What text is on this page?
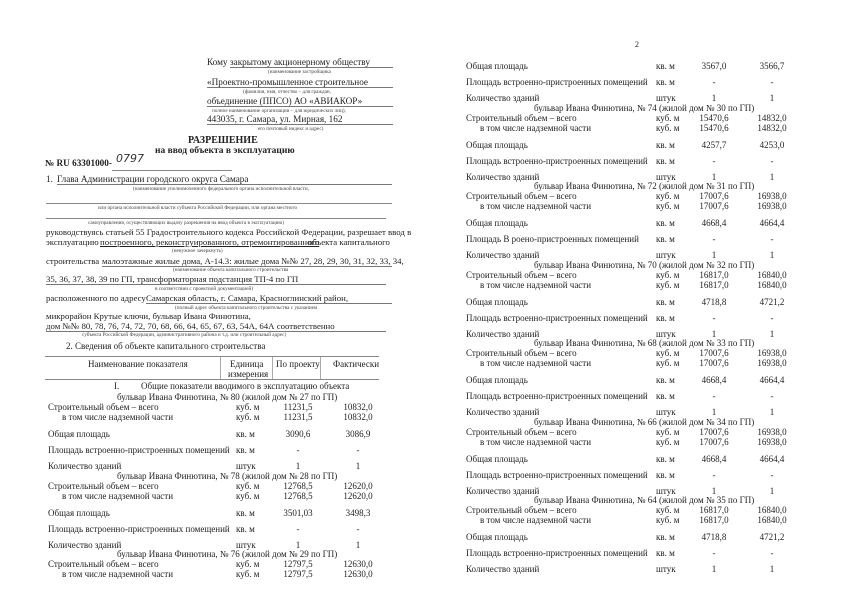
Кому закрытому акционерному обществу
(наименование застройщика
«Проектно-промышленное строительное
(фамилия, имя, отчество – для граждан,
объединение (ППСО) АО «АВИАКОР»
полное наименование организации – для юридических лиц),
443035, г. Самара, ул. Мирная, 162
его почтовый индекс и адрес)
РАЗРЕШЕНИЕ
на ввод объекта в эксплуатацию
№ RU 63301000- 0797
1. Глава Администрации городского округа Самара
(наименование уполномоченного федерального органа исполнительной власти,
или органа исполнительной власти субъекта Российской Федерации, или органа местного
самоуправления, осуществляющих выдачу разрешения на ввод объекта в эксплуатацию)
руководствуясь статьей 55 Градостроительного кодекса Российской Федерации, разрешает ввод в
эксплуатацию построенного, реконструированного, отремонтированного
объекта капитального
(ненужное зачеркнуть)
строительства малоэтажные жилые дома, А-14.3: жилые дома №№ 27, 28, 29, 30, 31, 32, 33, 34,
(наименование объекта капитального строительства
35, 36, 37, 38, 39 по ГП, трансформаторная подстанция ТП-4 по ГП
в соответствии с проектной документацией)
расположенного по адресу Самарская область, г. Самара, Красноглинский район,
(полный адрес объекта капитального строительства с указанием
микрорайон Крутые ключи, бульвар Ивана Финютина,
дом №№ 80, 78, 76, 74, 72, 70, 68, 66, 64, 65, 67, 63, 54А, 64А соответственно
субъекта Российской Федерации, административного района и т.д. или строительный адрес)
2. Сведения об объекте капитального строительства
Наименование показателя	Единица
измерения
По проекту Фактически
I. Общие показатели вводимого в эксплуатацию объекта
бульвар Ивана Финютина, № 80 (жилой дом № 27 по ГП)
Строительный объем – всего	куб. м	11231,5	10832,0
в том числе надземной части	куб. м	11231,5	10832,0
Общая площадь	кв. м	3090,6	3086,9
Площадь встроенно-пристроенных помещений кв. м	-	-
Количество зданий	штук	1	1
бульвар Ивана Финютина, № 78 (жилой дом № 28 по ГП)
Строительный объем – всего	куб. м	12768,5	12620,0
в том числе надземной части	куб. м	12768,5	12620,0
Общая площадь	кв. м	3501,03	3498,3
Площадь встроенно-пристроенных помещений кв. м	-	-
Количество зданий	штук	1	1
бульвар Ивана Финютина, № 76 (жилой дом № 29 по ГП)
Строительный объем – всего	куб. м	12797,5	12630,0
в том числе надземной части	куб. м	12797,5	12630,0
2
Общая площадь	кв. м	3567,0	3566,7
Площадь встроенно-пристроенных помещений кв. м	-	-
Количество зданий	штук	1	1
бульвар Ивана Финютина, № 74 (жилой дом № 30 по ГП)
Строительный объем – всего	куб. м	15470,6	14832,0
в том числе надземной части	куб. м	15470,6	14832,0
Общая площадь	кв. м	4257,7	4253,0
Площадь встроенно-пристроенных помещений кв. м	-	-
Количество зданий	штук	1	1
бульвар Ивана Финютина, № 72 (жилой дом № 31 по ГП)
Строительный объем – всего	куб. м	17007,6	16938,0
в том числе надземной части	куб. м	17007,6	16938,0
Общая площадь	кв. м	4668,4	4664,4
Площадь В роено-пристроенных помещений кв. м	-	-
Количество зданий	штук	1	1
бульвар Ивана Финютина, № 70 (жилой дом № 32 по ГП)
Строительный объем – всего	куб. м	16817,0	16840,0
в том числе надземной части	куб. м	16817,0	16840,0
Общая площадь	кв. м	4718,8	4721,2
Площадь встроенно-пристроенных помещений кв. м	-	-
Количество зданий	штук	1	1
бульвар Ивана Финютина, № 68 (жилой дом № 33 по ГП)
Строительный объем – всего	куб. м	17007,6	16938,0
в том числе надземной части	куб. м	17007,6	16938,0
Общая площадь	кв. м	4668,4	4664,4
Площадь встроенно-пристроенных помещений кв. м	-	-
Количество зданий	штук	1	1
бульвар Ивана Финютина, № 66 (жилой дом № 34 по ГП)
Строительный объем – всего	куб. м	17007,6	16938,0
в том числе надземной части	куб. м	17007,6	16938,0
Общая площадь	кв. м	4668,4	4664,4
Площадь встроенно-пристроенных помещений кв. м	-	-
Количество зданий	штук	1	1
бульвар Ивана Финютина, № 64 (жилой дом № 35 по ГП)
Строительный объем – всего	куб. м	16817,0	16840,0
в том числе надземной части	куб. м	16817,0	16840,0
Общая площадь	кв. м	4718,8	4721,2
Площадь встроенно-пристроенных помещений кв. м	-	-
Количество зданий	штук	1	1
